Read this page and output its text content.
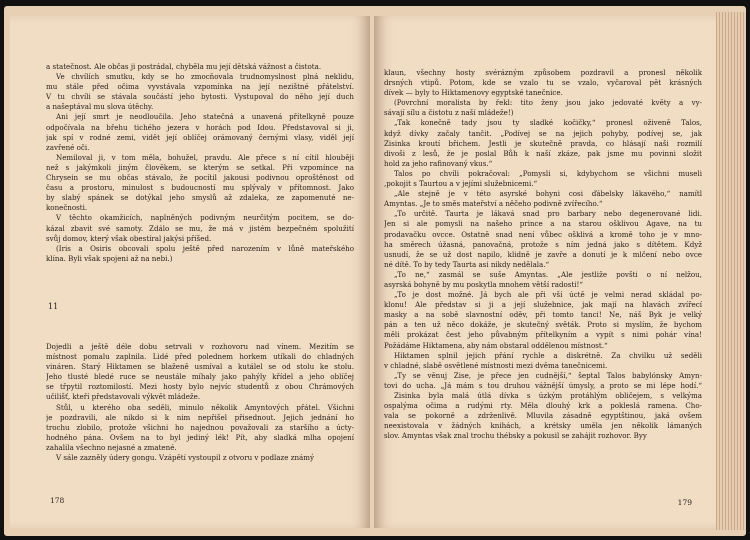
a statečnost. Ale občas ji postrádal, chyběla mu její dětská vážnost a čistota.
Ve chvílích smutku, kdy se ho zmocňovala trudnomyslnost plná neklidu,
mu stále před očima vyvstávala vzpomínka na její nezištné přátelství.
V tu chvíli se stávala součástí jeho bytosti. Vystupoval do něho její duch
a našeptával mu slova útěchy.
Ani její smrt je neodloučila. Jeho statečná a unavená přítelkyně pouze
odpočívala na břehu tichého jezera v horách pod Idou. Představoval si ji,
jak spí v rodné zemi, vidět její oblíčej orámovaný černými vlasy, viděl její
zavřené oči.
Nemiloval ji, v tom měla, bohužel, pravdu. Ale přece s ní cítil hlouběji
než s jakýmkoli jiným člověkem, se kterým se setkal. Při vzpomínce na
Chrysein se mu občas stávalo, že pocítil jakousi podivnou oproštěnost od
času a prostoru, minulost s budoucností mu splývaly v přítomnost. Jako
by slabý spánek se dotýkal jeho smyslů až zdaleka, ze zapomenuté ne-
konečnosti.
V těchto okamžicích, naplněných podivným neurčitým pocitem, se do-
kázal zbavit své samoty. Zdálo se mu, že má v jistém bezpečném spolužití
svůj domov, který však obestíral jakýsi příšed.
(Iris a Osiris obcovali spolu ještě před narozením v lůně mateřského
klína. Byli však spojeni až na nebi.)
11
Dojedli a ještě déle dobu setrvali v rozhovoru nad vínem. Mezitím se
místnost pomalu zaplnila. Lidé před polednem horkem utíkali do chladných
vináren. Starý Hiktamen se blaženě usmíval a kutálel se od stolu ke stolu.
Jeho tlusté bledé ruce se neustále míhaly jako pahýly křídel a jeho oblíčej
se třpytil roztomilostí. Mezi hosty bylo nejvíc studentů z obou Chrámových
učilišť, kteří představovali výkvět mládeže.
Stůl, u kterého oba seděli, minulo několik Amyntových přátel. Všichni
je pozdravili, ale nikdo si k nim nepřišel přisednout. Jejich jednání ho
trochu zlobilo, protože všichni ho najednou považovali za staršího a úcty-
hodného pána. Ovšem na to byl jediný lék! Pít, aby sladká mlha opojení
zahalila všechno nejasné a zmatené.
V sále zazněly údery gongu. Vzápětí vystoupil z otvoru v podlaze známý
178
klaun, všechny hosty svérázným způsobem pozdravil a pronesl několik
drsných vtipů. Potom, kde se vzalo tu se vzalo, vyčaroval pět krásných
dívek — byly to Hiktamenovy egyptské tanečnice.
(Povrchní moralista by řekl: tito ženy jsou jako jedovaté květy a vy-
sávají sílu a čistotu z naší mládeže!)
„Tak konečně tady jsou ty sladké kočičky,“ pronesl oživeně Talos,
když dívky začaly tančit. „Podívej se na jejich pohyby, podívej se, jak
Zisinka kroutí břichem. Jestli je skutečně pravda, co hlásají naši rozmilí
divoši z lesů, že je poslal Bůh k naší zkáze, pak jsme mu povinni složit
hold za jeho rafinovaný vkus.“
Talos po chvíli pokračoval: „Pomysli si, kdybychom se všichni museli
‚pokojit s Taurtou a v jejími služebnicemi.“
„Ale stejně je v této asyrské bohyni cosi ďábelsky lákavého,“ namítl
Amyntas. „Je to směs mateřství a něčeho podivně zvířecího.“
„To určitě. Taurta je lákavá snad pro barbary nebo degenerované lidi.
Jen si ale pomysli na našeho prince a na starou ošklivou Agave, na tu
prodavačku ovcce. Ostatně snad není vůbec ošklivá a kromě toho je v mno-
ha směrech úžasná, panovačná, protože s ním jedná jako s dítětem. Když
usnudí, že se už dost napilo, klidně je zavře a donutí je k mlčení nebo ovce
né dítě. To by tedy Taurta asi nikdy nedělala.“
„To ne,“ zasmál se suše Amyntas. „Ale jestliže povšti o ní nelžou,
asyrská bohyně by mu poskytla mnohem větší radosti!“
„To je dost možné. Já bych ale při vší úctě je velmi nerad skládal po-
klonu! Ale představ si ji a její služebnice, jak mají na hlavách zvířecí
masky a na sobě slavnostní oděv, při tomto tanci! Ne, náš Byk je velký
pán a ten už něco dokáže, je skutečný světák. Proto si myslím, že bychom
měli prokázat čest jeho půvabným přítelkyním a vypít s nimi pohár vína!
Požádáme Hiktamena, aby nám obstaral oddělenou místnost.“
Hiktamen splnil jejich přání rychle a diskrétně. Za chvilku už seděli
v chladné, slabě osvětlené místnosti mezi dvěma tanečnicemi.
„Ty se věnuj Zise, je přece jen cudnější,“ šeptal Talos babylónsky Amyn-
tovi do ucha. „Já mám s tou druhou vážnější úmysly, a proto se mi lépe hodí.“
Zisinka byla malá útlá dívka s úzkým protáhlým obličejem, s velkýma
ospalýma očima a rudými rty. Měla dlouhý krk a pokleslá ramena. Cho-
vala se pokorně a zdrženlivě. Mluvila zásadně egyptštinou, jaká ovšem
neexistovala v žádných knihách, a krétsky uměla jen několik lámaných
slov. Amyntas však znal trochu thébsky a pokusil se zahájit rozhovor. Byy
179
